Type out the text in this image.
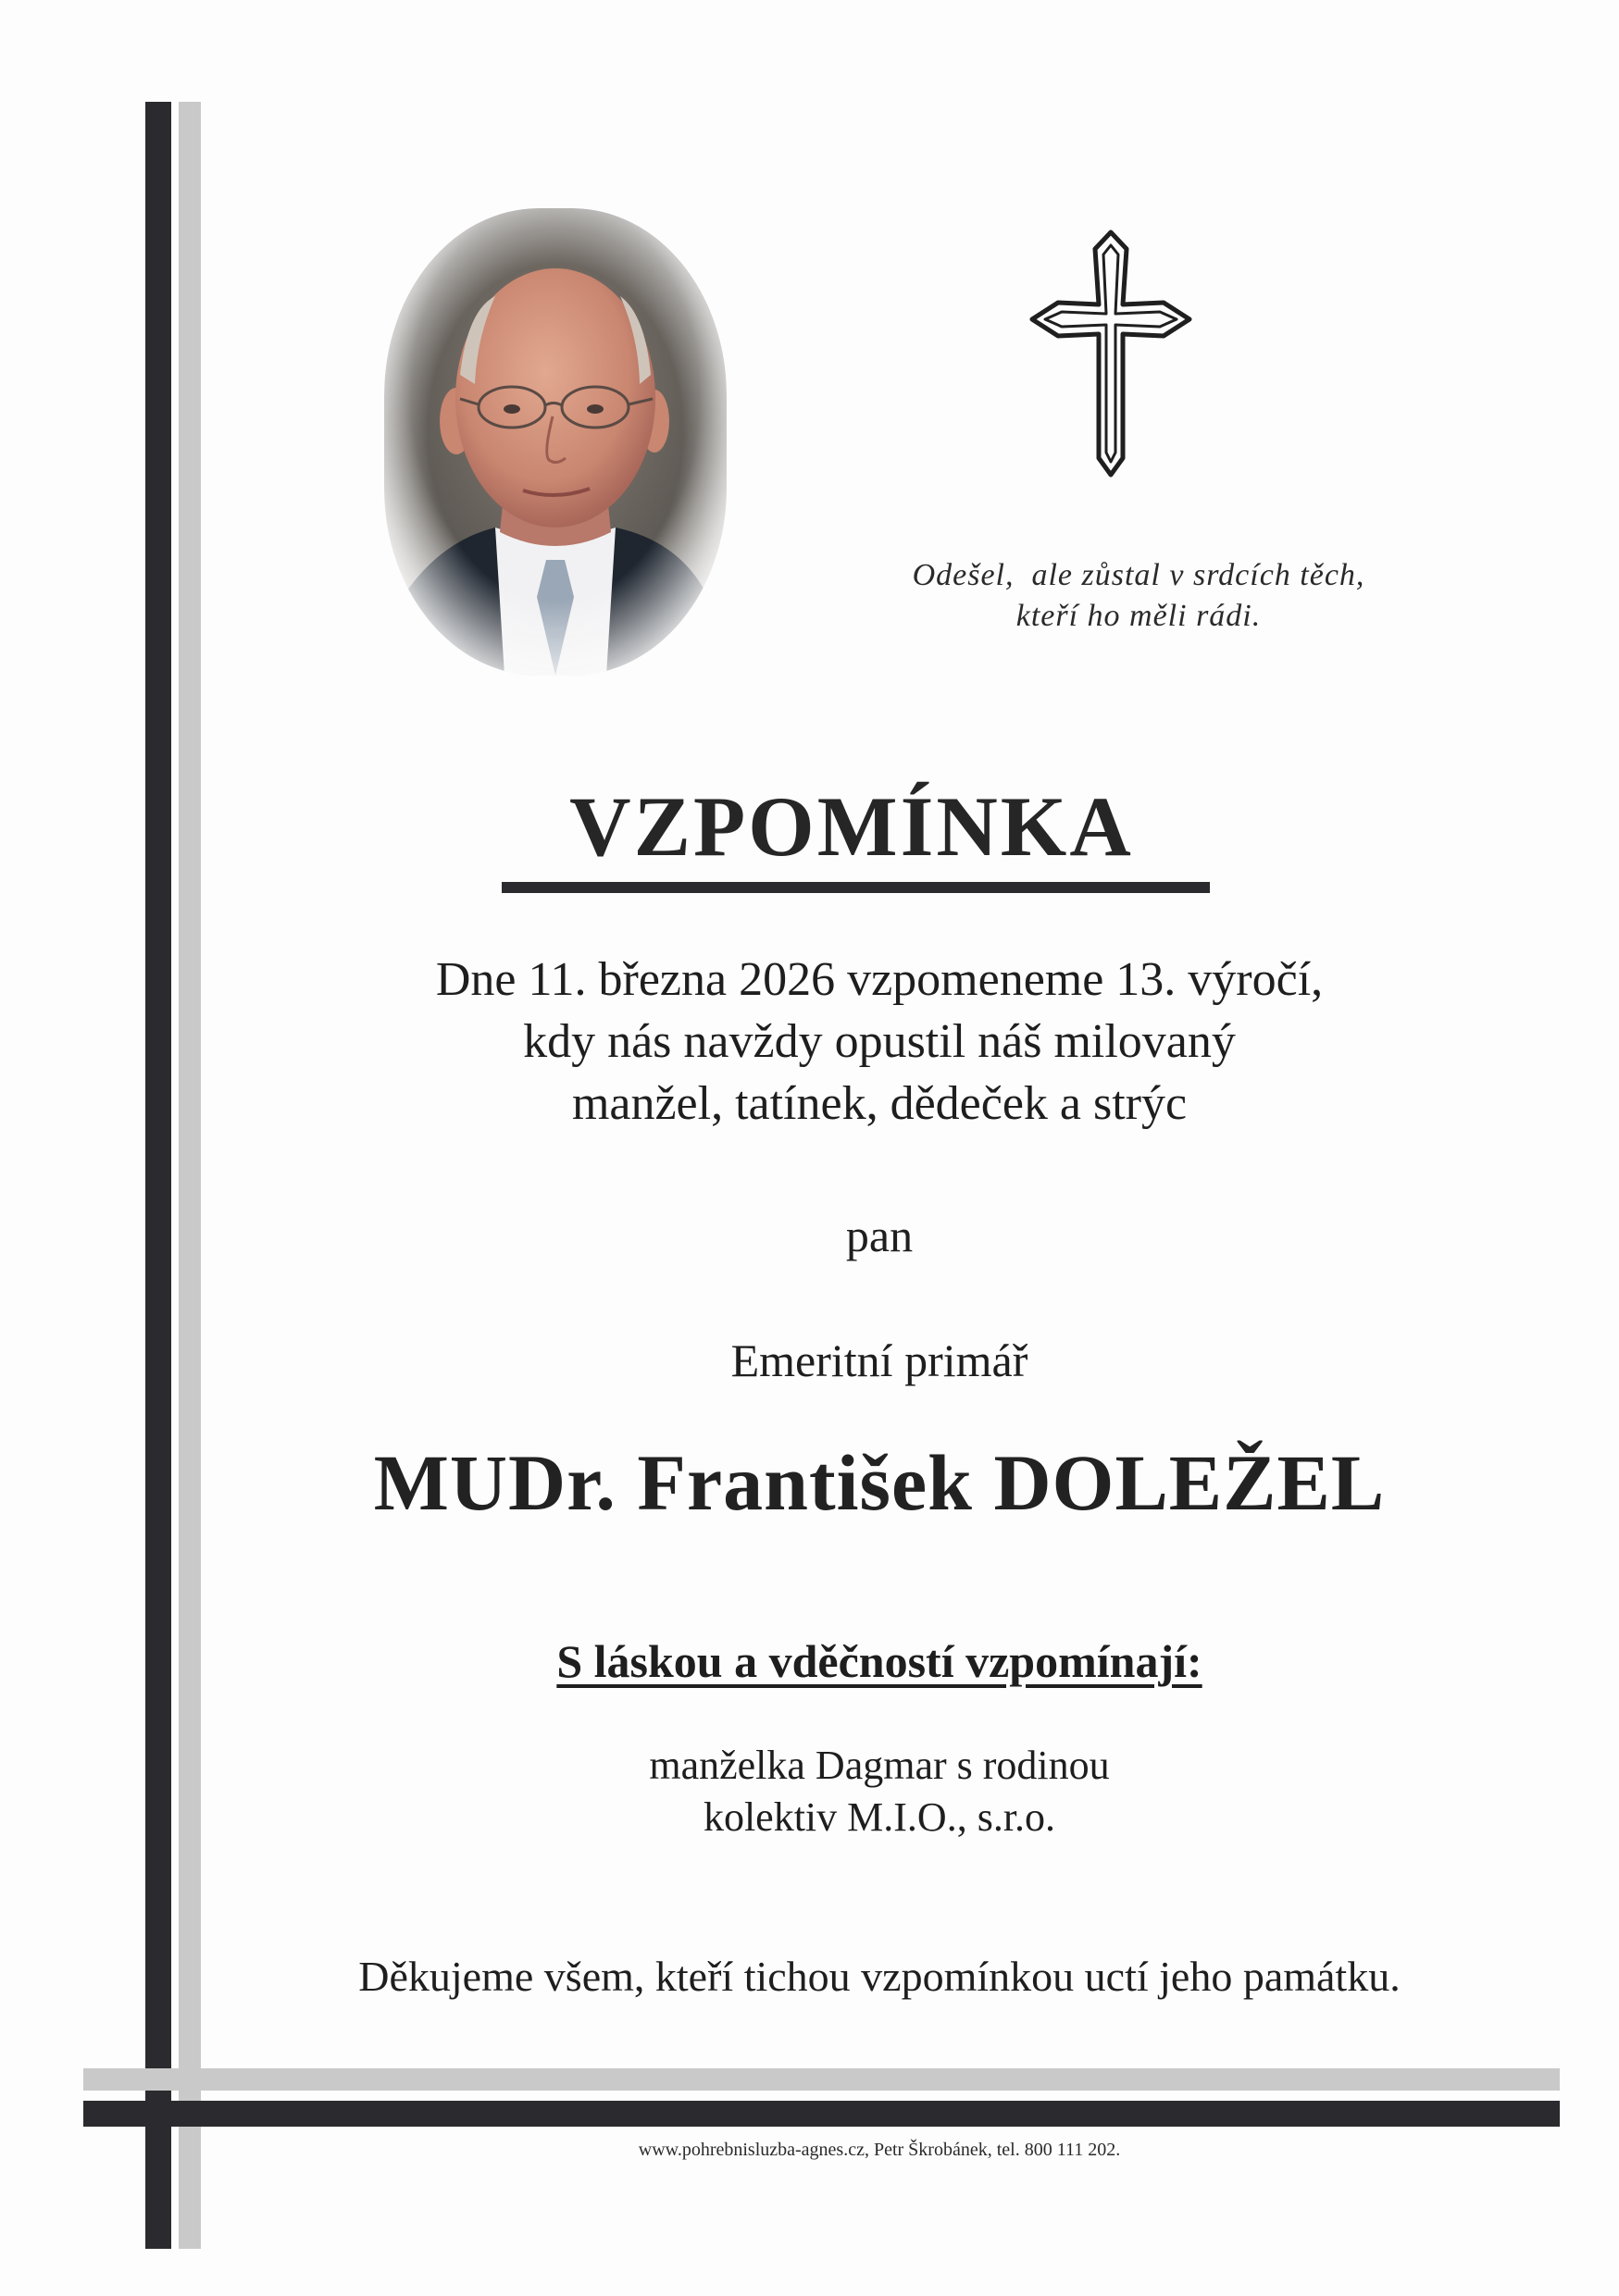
Odešel,  ale zůstal v srdcích těch,
kteří ho měli rádi.
VZPOMÍNKA
Dne 11. března 2026 vzpomeneme 13. výročí,
kdy nás navždy opustil náš milovaný
manžel, tatínek, dědeček a strýc
pan
Emeritní primář
MUDr. František DOLEŽEL
S láskou a vděčností vzpomínají:
manželka Dagmar s rodinou
kolektiv M.I.O., s.r.o.
Děkujeme všem, kteří tichou vzpomínkou uctí jeho památku.
www.pohrebnisluzba-agnes.cz, Petr Škrobánek, tel. 800 111 202.
